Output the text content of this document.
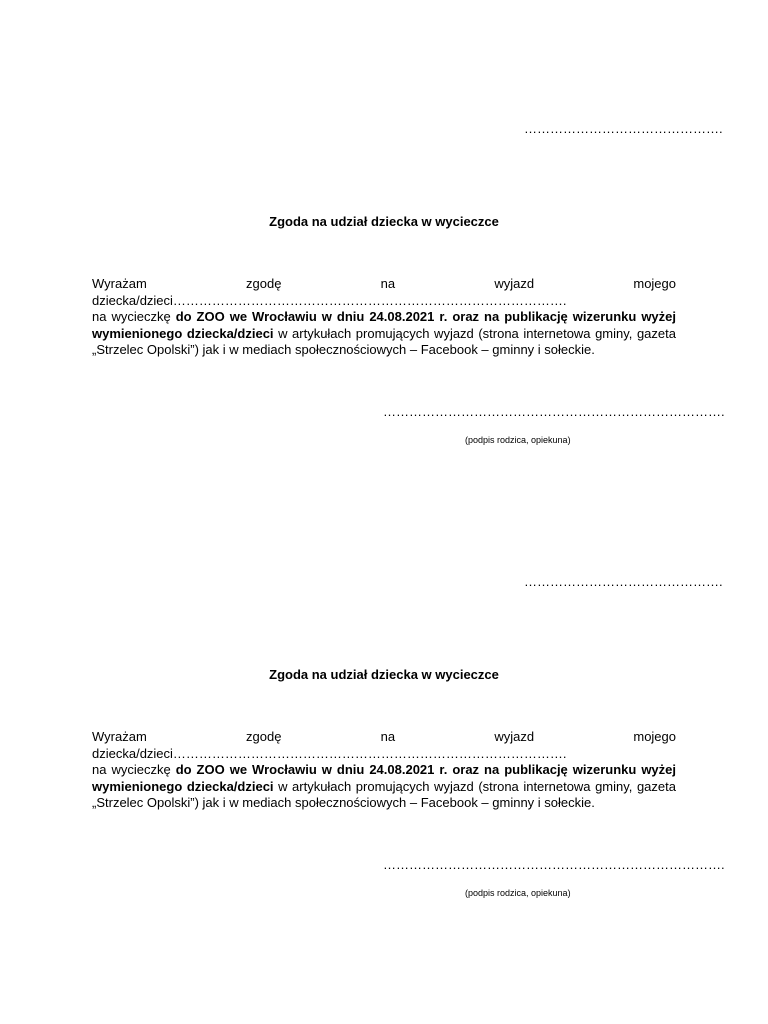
……………………………………….
Zgoda na udział dziecka w wycieczce
Wyrażam	zgodę	na	wyjazd	mojego
dziecka/dzieci……………………………………………………………………………….
na wycieczkę do ZOO we Wrocławiu w dniu 24.08.2021 r. oraz na publikację wizerunku wyżej wymienionego dziecka/dzieci w artykułach promujących wyjazd (strona internetowa gminy, gazeta „Strzelec Opolski”) jak i w mediach społecznościowych – Facebook – gminny i sołeckie.
…………………………………………………………………….
(podpis rodzica, opiekuna)
……………………………………….
Zgoda na udział dziecka w wycieczce
Wyrażam	zgodę	na	wyjazd	mojego
dziecka/dzieci……………………………………………………………………………….
na wycieczkę do ZOO we Wrocławiu w dniu 24.08.2021 r. oraz na publikację wizerunku wyżej wymienionego dziecka/dzieci w artykułach promujących wyjazd (strona internetowa gminy, gazeta „Strzelec Opolski”) jak i w mediach społecznościowych – Facebook – gminny i sołeckie.
…………………………………………………………………….
(podpis rodzica, opiekuna)
